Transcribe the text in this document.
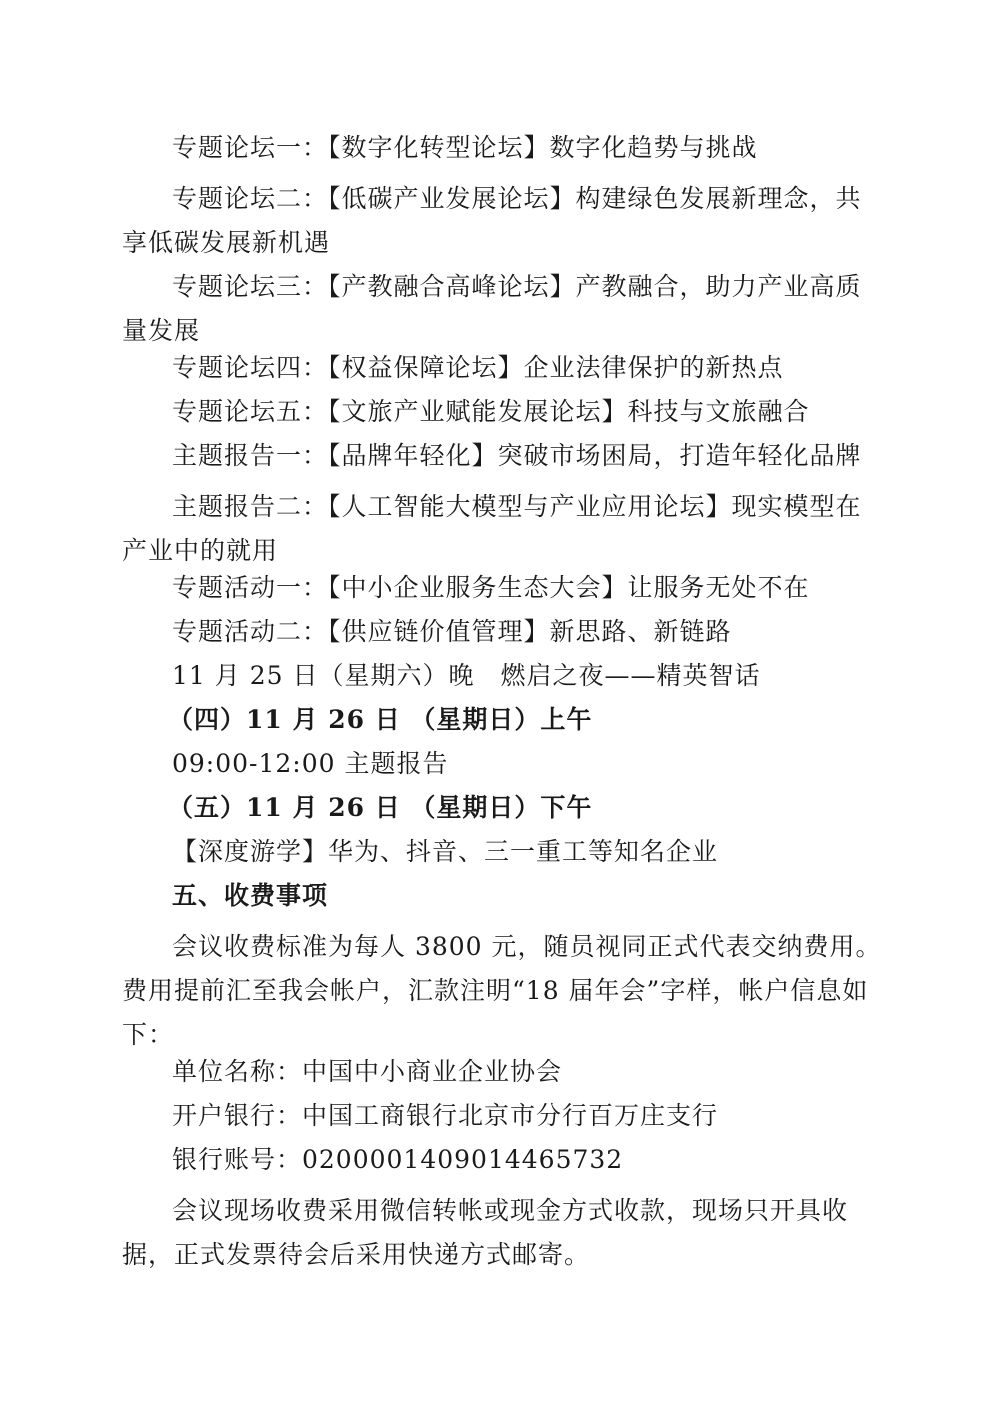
专题论坛一：【数字化转型论坛】数字化趋势与挑战
专题论坛二：【低碳产业发展论坛】构建绿色发展新理念，共享低碳发展新机遇
专题论坛三：【产教融合高峰论坛】产教融合，助力产业高质量发展
专题论坛四：【权益保障论坛】企业法律保护的新热点
专题论坛五：【文旅产业赋能发展论坛】科技与文旅融合
主题报告一：【品牌年轻化】突破市场困局，打造年轻化品牌
主题报告二：【人工智能大模型与产业应用论坛】现实模型在产业中的就用
专题活动一：【中小企业服务生态大会】让服务无处不在
专题活动二：【供应链价值管理】新思路、新链路
11 月 25 日（星期六）晚　燃启之夜——精英智话
（四）11 月 26 日 （星期日）上午
09:00-12:00 主题报告
（五）11 月 26 日 （星期日）下午
【深度游学】华为、抖音、三一重工等知名企业
五、收费事项
会议收费标准为每人 3800 元，随员视同正式代表交纳费用。费用提前汇至我会帐户，汇款注明“18 届年会”字样，帐户信息如下：
单位名称：中国中小商业企业协会
开户银行：中国工商银行北京市分行百万庄支行
银行账号：0200001409014465732
会议现场收费采用微信转帐或现金方式收款，现场只开具收据，正式发票待会后采用快递方式邮寄。
